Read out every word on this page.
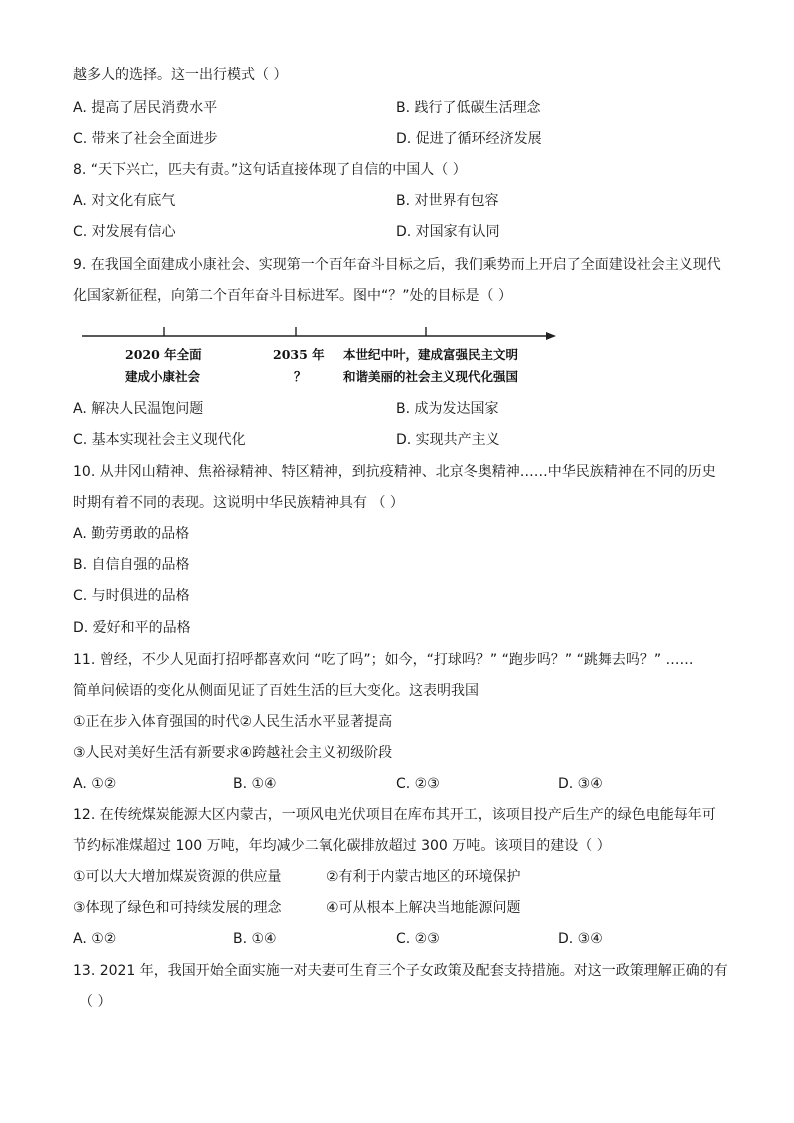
越多人的选择。这一出行模式（ ）
A. 提高了居民消费水平	B. 践行了低碳生活理念
C. 带来了社会全面进步	D. 促进了循环经济发展
8. “天下兴亡，匹夫有责。”这句话直接体现了自信的中国人（ ）
A. 对文化有底气	B. 对世界有包容
C. 对发展有信心	D. 对国家有认同
9. 在我国全面建成小康社会、实现第一个百年奋斗目标之后，我们乘势而上开启了全面建设社会主义现代
化国家新征程，向第二个百年奋斗目标进军。图中“？”处的目标是（ ）
2020 年全面
建成小康社会
2035 年
？
本世纪中叶，建成富强民主文明
和谐美丽的社会主义现代化强国
A. 解决人民温饱问题	B. 成为发达国家
C. 基本实现社会主义现代化	D. 实现共产主义
10. 从井冈山精神、焦裕禄精神、特区精神，到抗疫精神、北京冬奥精神……中华民族精神在不同的历史
时期有着不同的表现。这说明中华民族精神具有 （ ）
A. 勤劳勇敢的品格
B. 自信自强的品格
C. 与时俱进的品格
D. 爱好和平的品格
11. 曾经，不少人见面打招呼都喜欢问 “吃了吗”；如今，“打球吗？” “跑步吗？” “跳舞去吗？” ……
简单问候语的变化从侧面见证了百姓生活的巨大变化。这表明我国
①正在步入体育强国的时代②人民生活水平显著提高
③人民对美好生活有新要求④跨越社会主义初级阶段
A. ①②	B. ①④	C. ②③	D. ③④
12. 在传统煤炭能源大区内蒙古，一项风电光伏项目在库布其开工，该项目投产后生产的绿色电能每年可
节约标准煤超过 100 万吨，年均减少二氧化碳排放超过 300 万吨。该项目的建设（ ）
①可以大大增加煤炭资源的供应量	②有利于内蒙古地区的环境保护
③体现了绿色和可持续发展的理念	④可从根本上解决当地能源问题
A. ①②	B. ①④	C. ②③	D. ③④
13. 2021 年，我国开始全面实施一对夫妻可生育三个子女政策及配套支持措施。对这一政策理解正确的有
（ ）
